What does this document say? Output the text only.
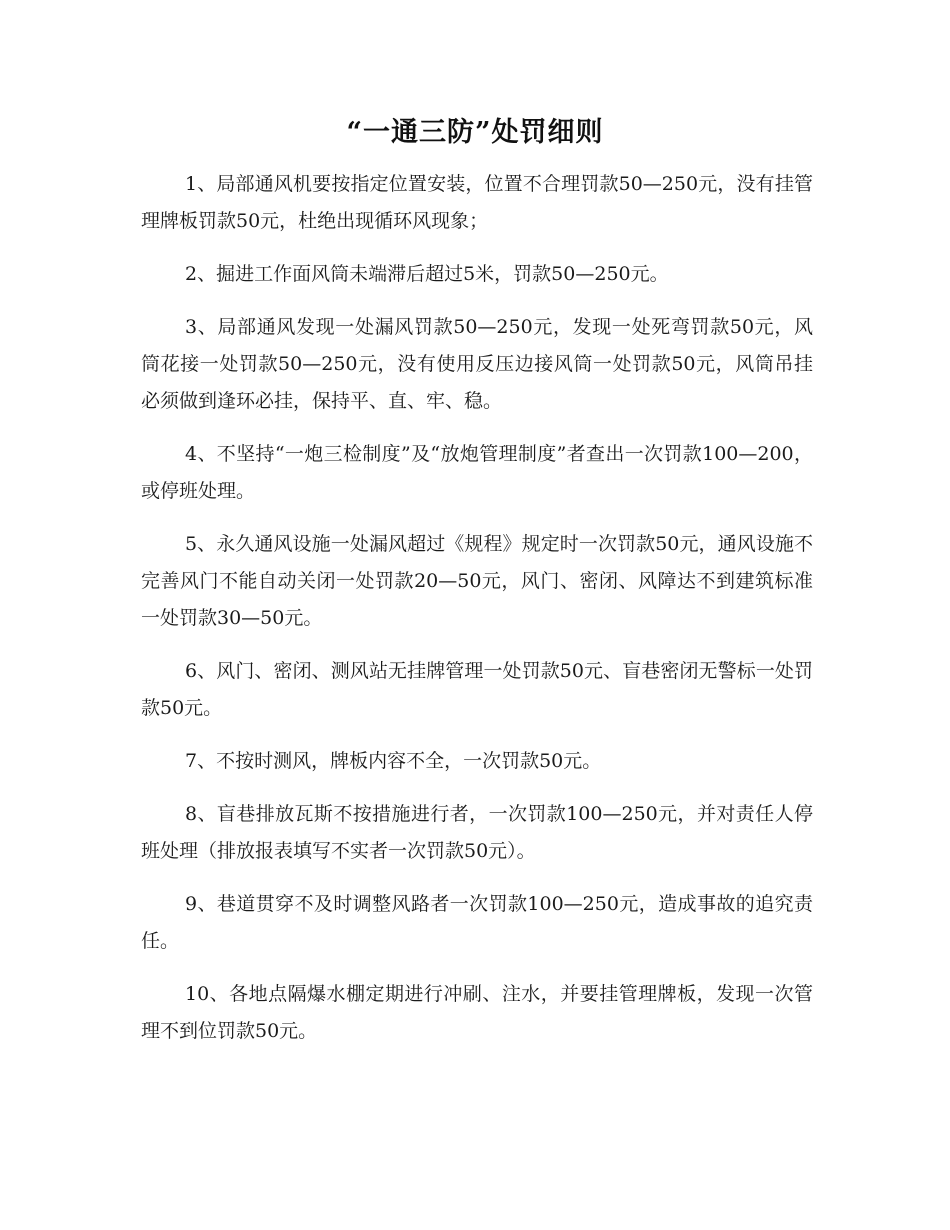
“一通三防”处罚细则

1、局部通风机要按指定位置安装，位置不合理罚款50—250元，没有挂管理牌板罚款50元，杜绝出现循环风现象；

2、掘进工作面风筒未端滞后超过5米，罚款50—250元。

3、局部通风发现一处漏风罚款50—250元，发现一处死弯罚款50元，风筒花接一处罚款50—250元，没有使用反压边接风筒一处罚款50元，风筒吊挂必须做到逢环必挂，保持平、直、牢、稳。

4、不坚持“一炮三检制度”及“放炮管理制度”者查出一次罚款100—200，或停班处理。

5、永久通风设施一处漏风超过《规程》规定时一次罚款50元，通风设施不完善风门不能自动关闭一处罚款20—50元，风门、密闭、风障达不到建筑标准一处罚款30—50元。

6、风门、密闭、测风站无挂牌管理一处罚款50元、盲巷密闭无警标一处罚款50元。

7、不按时测风，牌板内容不全，一次罚款50元。

8、盲巷排放瓦斯不按措施进行者，一次罚款100—250元，并对责任人停班处理（排放报表填写不实者一次罚款50元）。

9、巷道贯穿不及时调整风路者一次罚款100—250元，造成事故的追究责任。

10、各地点隔爆水棚定期进行冲刷、注水，并要挂管理牌板，发现一次管理不到位罚款50元。
